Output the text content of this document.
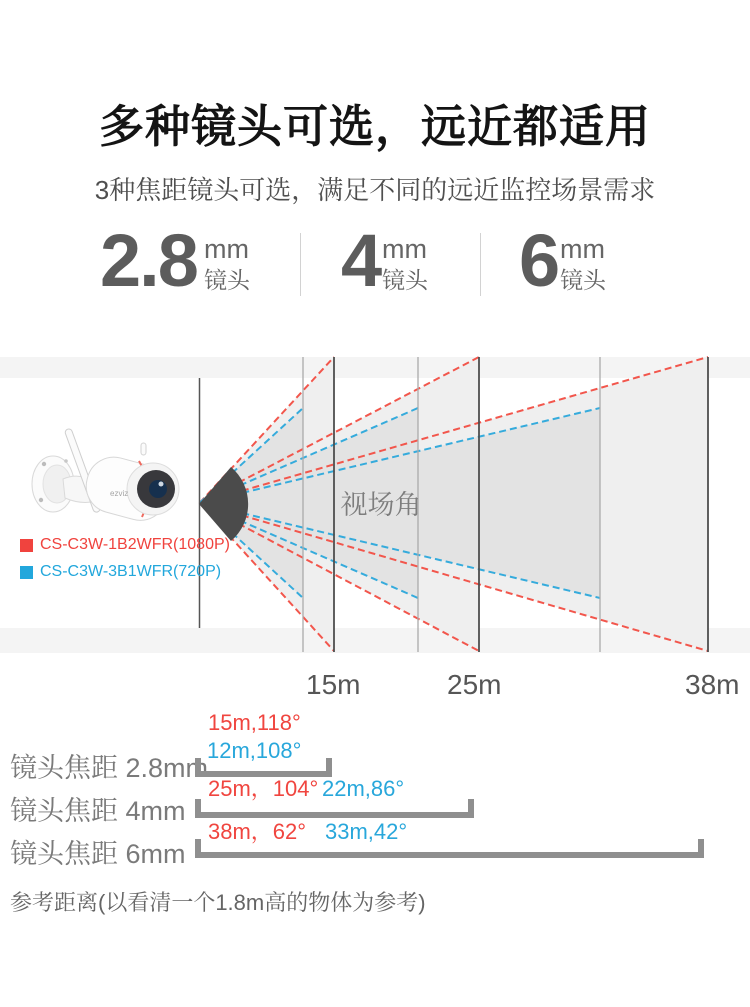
多种镜头可选，远近都适用
3种焦距镜头可选，满足不同的远近监控场景需求
2.8 mm
镜头 4 mm
镜头 6 mm
镜头
ezviz	视场角
CS-C3W-1B2WFR(1080P)
CS-C3W-3B1WFR(720P)
15m	25m	38m
镜头焦距 2.8mm
15m,118°
12m,108°
镜头焦距 4mm
25m，104° 22m,86°
镜头焦距 6mm
38m，62° 33m,42°
参考距离(以看清一个1.8m高的物体为参考)
